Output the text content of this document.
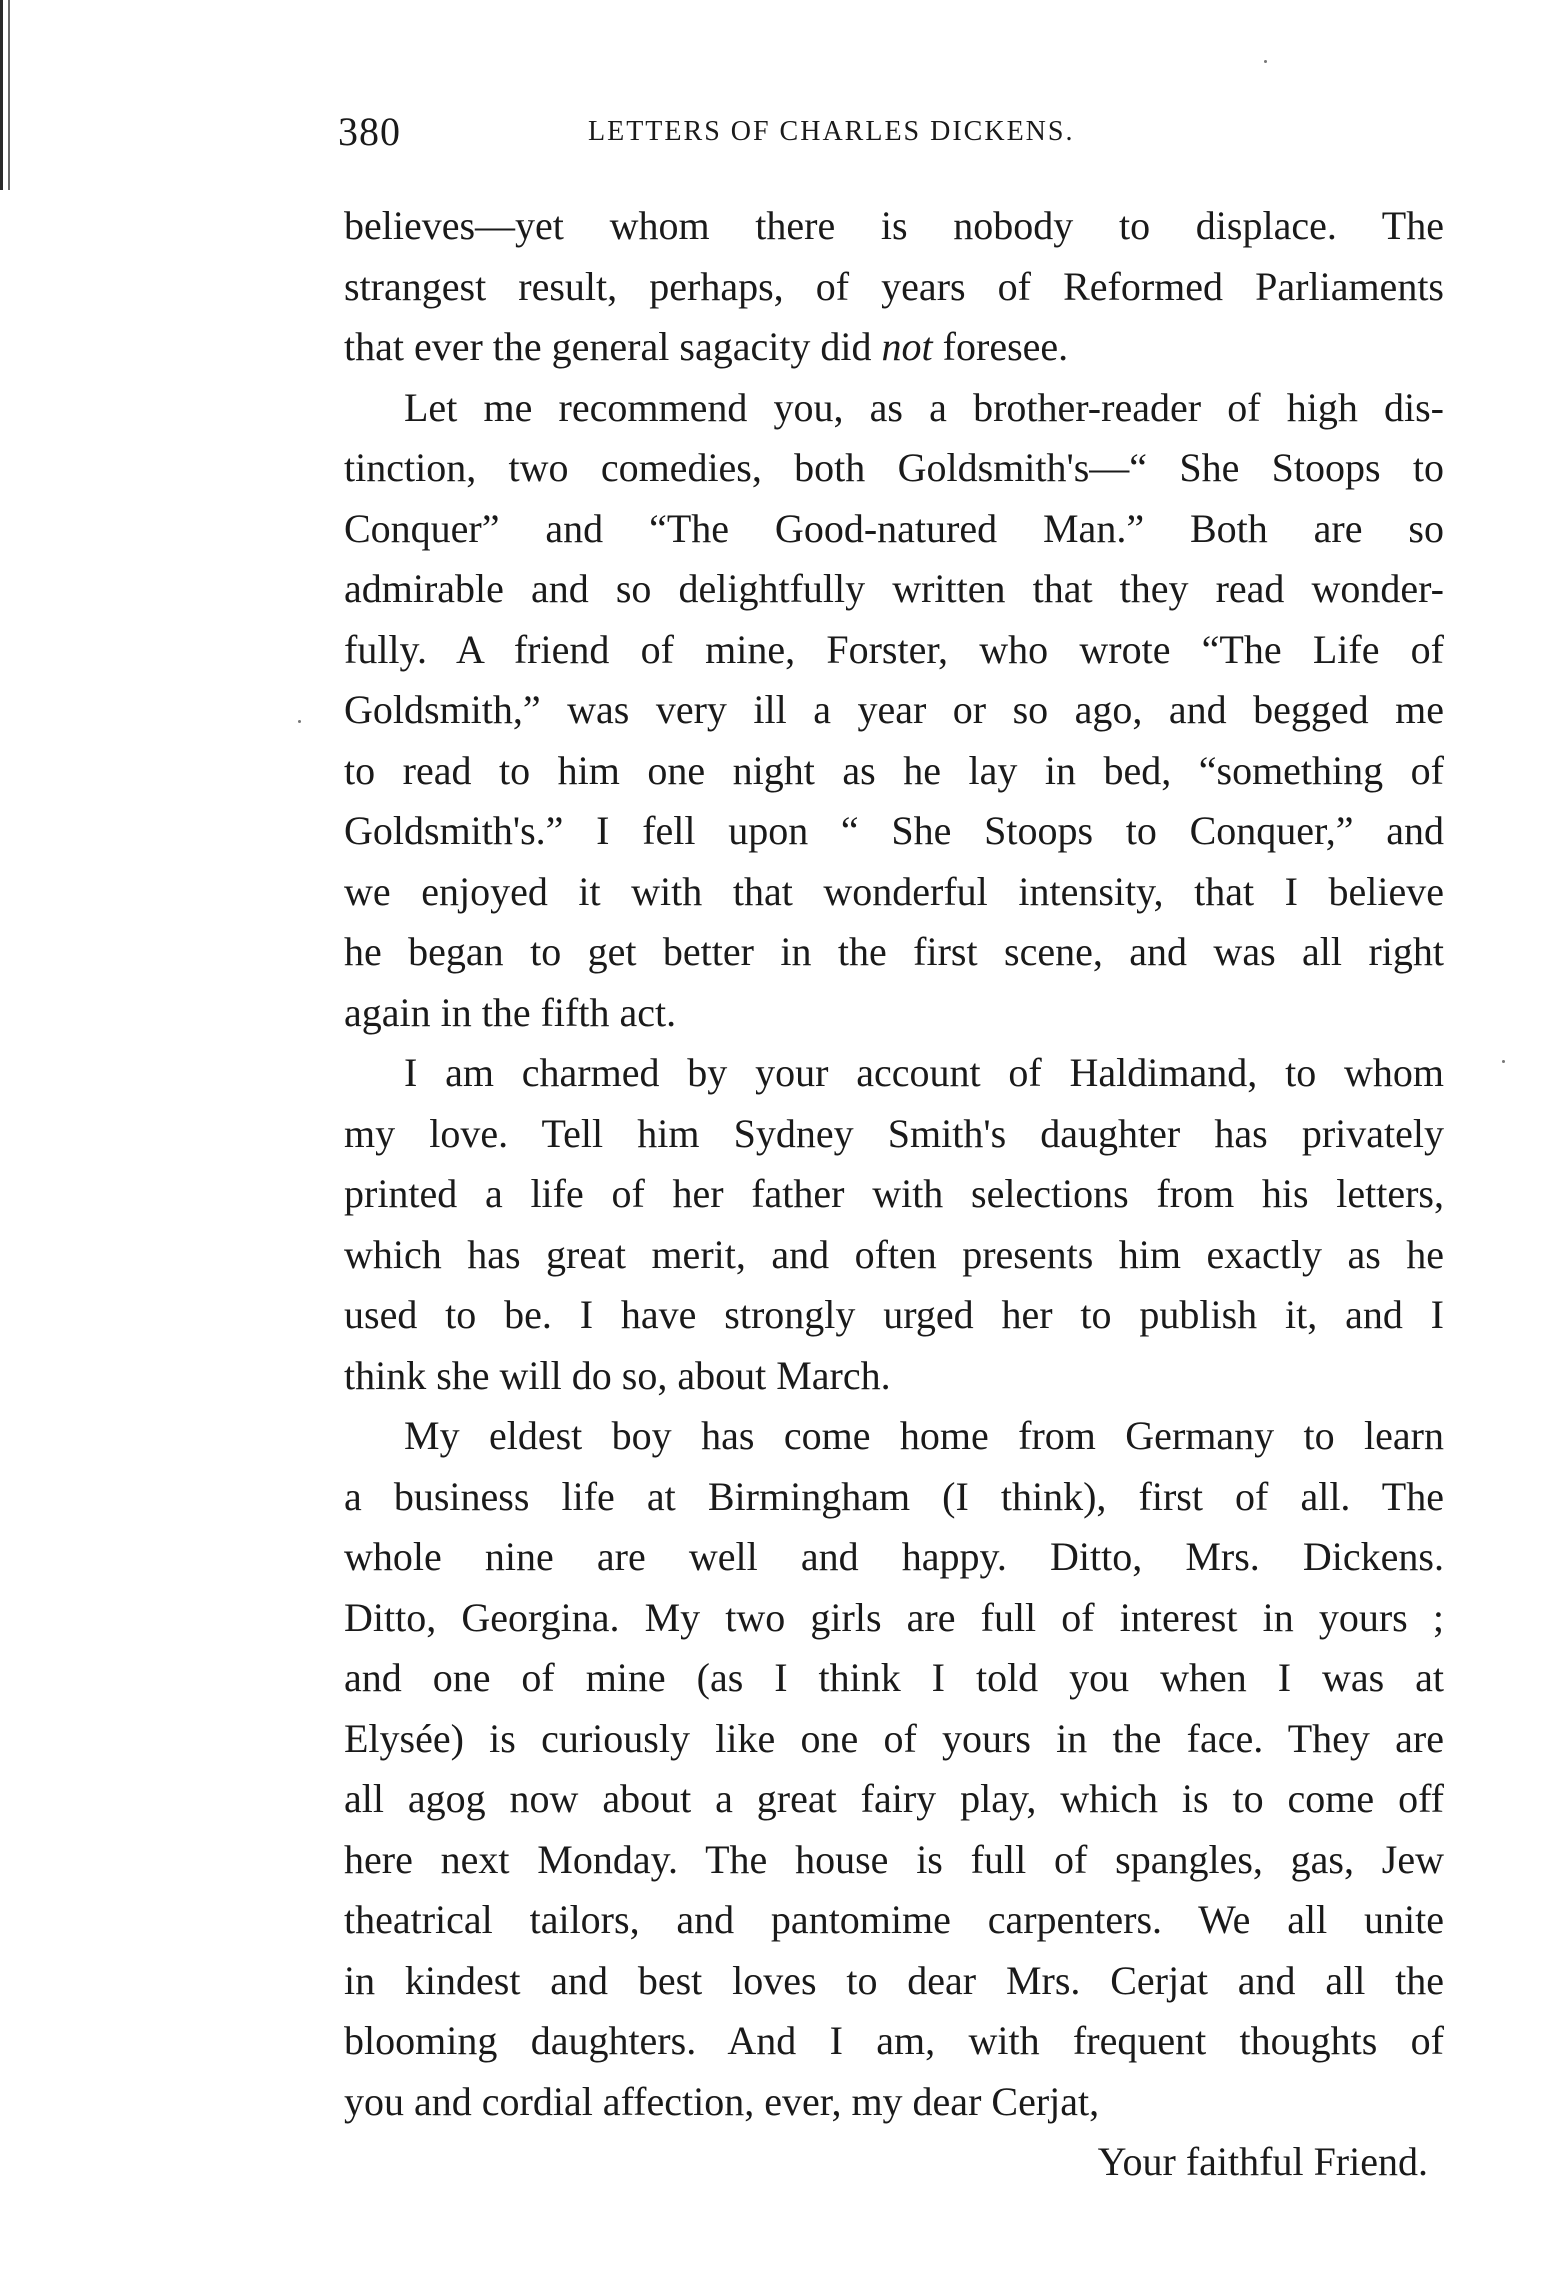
380	LETTERS OF CHARLES DICKENS.

believes—yet whom there is nobody to displace. The
strangest result, perhaps, of years of Reformed Parliaments
that ever the general sagacity did not foresee.

Let me recommend you, as a brother-reader of high dis-
tinction, two comedies, both Goldsmith's—“ She Stoops to
Conquer” and “The Good-natured Man.” Both are so
admirable and so delightfully written that they read wonder-
fully. A friend of mine, Forster, who wrote “The Life of
Goldsmith,” was very ill a year or so ago, and begged me
to read to him one night as he lay in bed, “something of
Goldsmith's.” I fell upon “ She Stoops to Conquer,” and
we enjoyed it with that wonderful intensity, that I believe
he began to get better in the first scene, and was all right
again in the fifth act.

I am charmed by your account of Haldimand, to whom
my love. Tell him Sydney Smith's daughter has privately
printed a life of her father with selections from his letters,
which has great merit, and often presents him exactly as he
used to be. I have strongly urged her to publish it, and I
think she will do so, about March.

My eldest boy has come home from Germany to learn
a business life at Birmingham (I think), first of all. The
whole nine are well and happy. Ditto, Mrs. Dickens.
Ditto, Georgina. My two girls are full of interest in yours ;
and one of mine (as I think I told you when I was at
Elysée) is curiously like one of yours in the face. They are
all agog now about a great fairy play, which is to come off
here next Monday. The house is full of spangles, gas, Jew
theatrical tailors, and pantomime carpenters. We all unite
in kindest and best loves to dear Mrs. Cerjat and all the
blooming daughters. And I am, with frequent thoughts of
you and cordial affection, ever, my dear Cerjat,

Your faithful Friend.
